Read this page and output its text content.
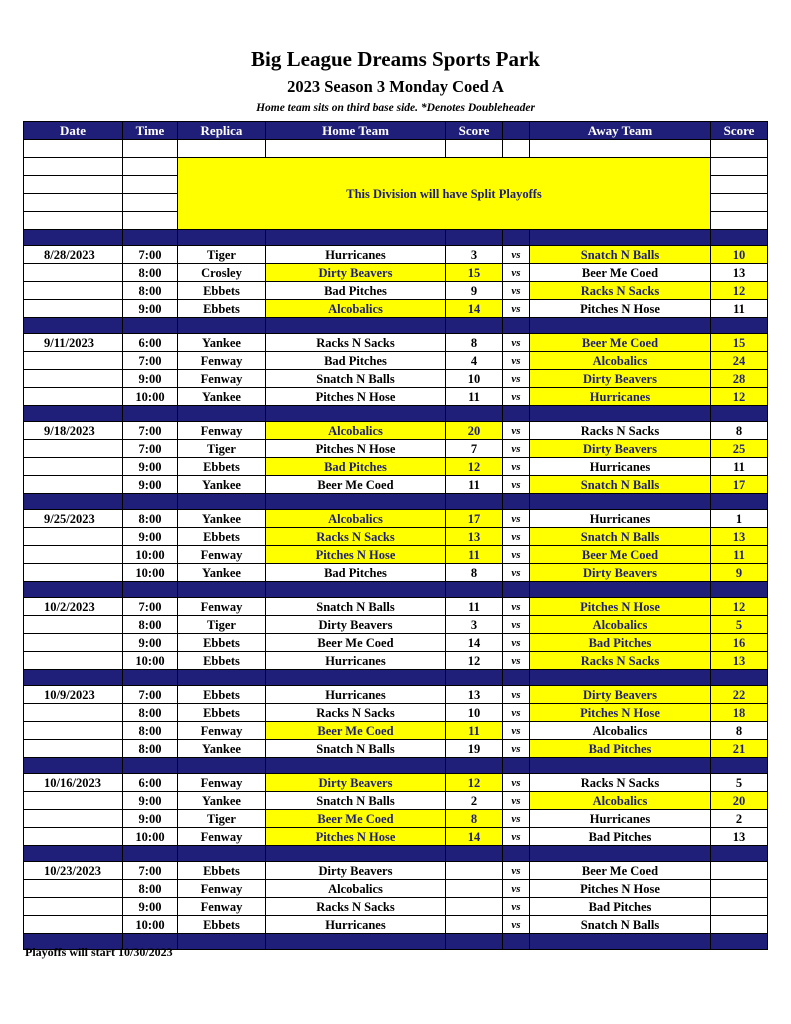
Big League Dreams Sports Park
2023 Season 3 Monday Coed A
Home team sits on third base side. *Denotes Doubleheader
Date	Time	Replica	Home Team	Score		Away Team	Score

		This Division will have Split Playoffs					

8/28/2023	7:00	Tiger	Hurricanes	3	vs	Snatch N Balls	10
	8:00	Crosley	Dirty Beavers	15	vs	Beer Me Coed	13
	8:00	Ebbets	Bad Pitches	9	vs	Racks N Sacks	12
	9:00	Ebbets	Alcobalics	14	vs	Pitches N Hose	11

9/11/2023	6:00	Yankee	Racks N Sacks	8	vs	Beer Me Coed	15
	7:00	Fenway	Bad Pitches	4	vs	Alcobalics	24
	9:00	Fenway	Snatch N Balls	10	vs	Dirty Beavers	28
	10:00	Yankee	Pitches N Hose	11	vs	Hurricanes	12

9/18/2023	7:00	Fenway	Alcobalics	20	vs	Racks N Sacks	8
	7:00	Tiger	Pitches N Hose	7	vs	Dirty Beavers	25
	9:00	Ebbets	Bad Pitches	12	vs	Hurricanes	11
	9:00	Yankee	Beer Me Coed	11	vs	Snatch N Balls	17

9/25/2023	8:00	Yankee	Alcobalics	17	vs	Hurricanes	1
	9:00	Ebbets	Racks N Sacks	13	vs	Snatch N Balls	13
	10:00	Fenway	Pitches N Hose	11	vs	Beer Me Coed	11
	10:00	Yankee	Bad Pitches	8	vs	Dirty Beavers	9

10/2/2023	7:00	Fenway	Snatch N Balls	11	vs	Pitches N Hose	12
	8:00	Tiger	Dirty Beavers	3	vs	Alcobalics	5
	9:00	Ebbets	Beer Me Coed	14	vs	Bad Pitches	16
	10:00	Ebbets	Hurricanes	12	vs	Racks N Sacks	13

10/9/2023	7:00	Ebbets	Hurricanes	13	vs	Dirty Beavers	22
	8:00	Ebbets	Racks N Sacks	10	vs	Pitches N Hose	18
	8:00	Fenway	Beer Me Coed	11	vs	Alcobalics	8
	8:00	Yankee	Snatch N Balls	19	vs	Bad Pitches	21

10/16/2023	6:00	Fenway	Dirty Beavers	12	vs	Racks N Sacks	5
	9:00	Yankee	Snatch N Balls	2	vs	Alcobalics	20
	9:00	Tiger	Beer Me Coed	8	vs	Hurricanes	2
	10:00	Fenway	Pitches N Hose	14	vs	Bad Pitches	13

10/23/2023	7:00	Ebbets	Dirty Beavers		vs	Beer Me Coed	
	8:00	Fenway	Alcobalics		vs	Pitches N Hose	
	9:00	Fenway	Racks N Sacks		vs	Bad Pitches	
	10:00	Ebbets	Hurricanes		vs	Snatch N Balls	

Playoffs will start 10/30/2023
